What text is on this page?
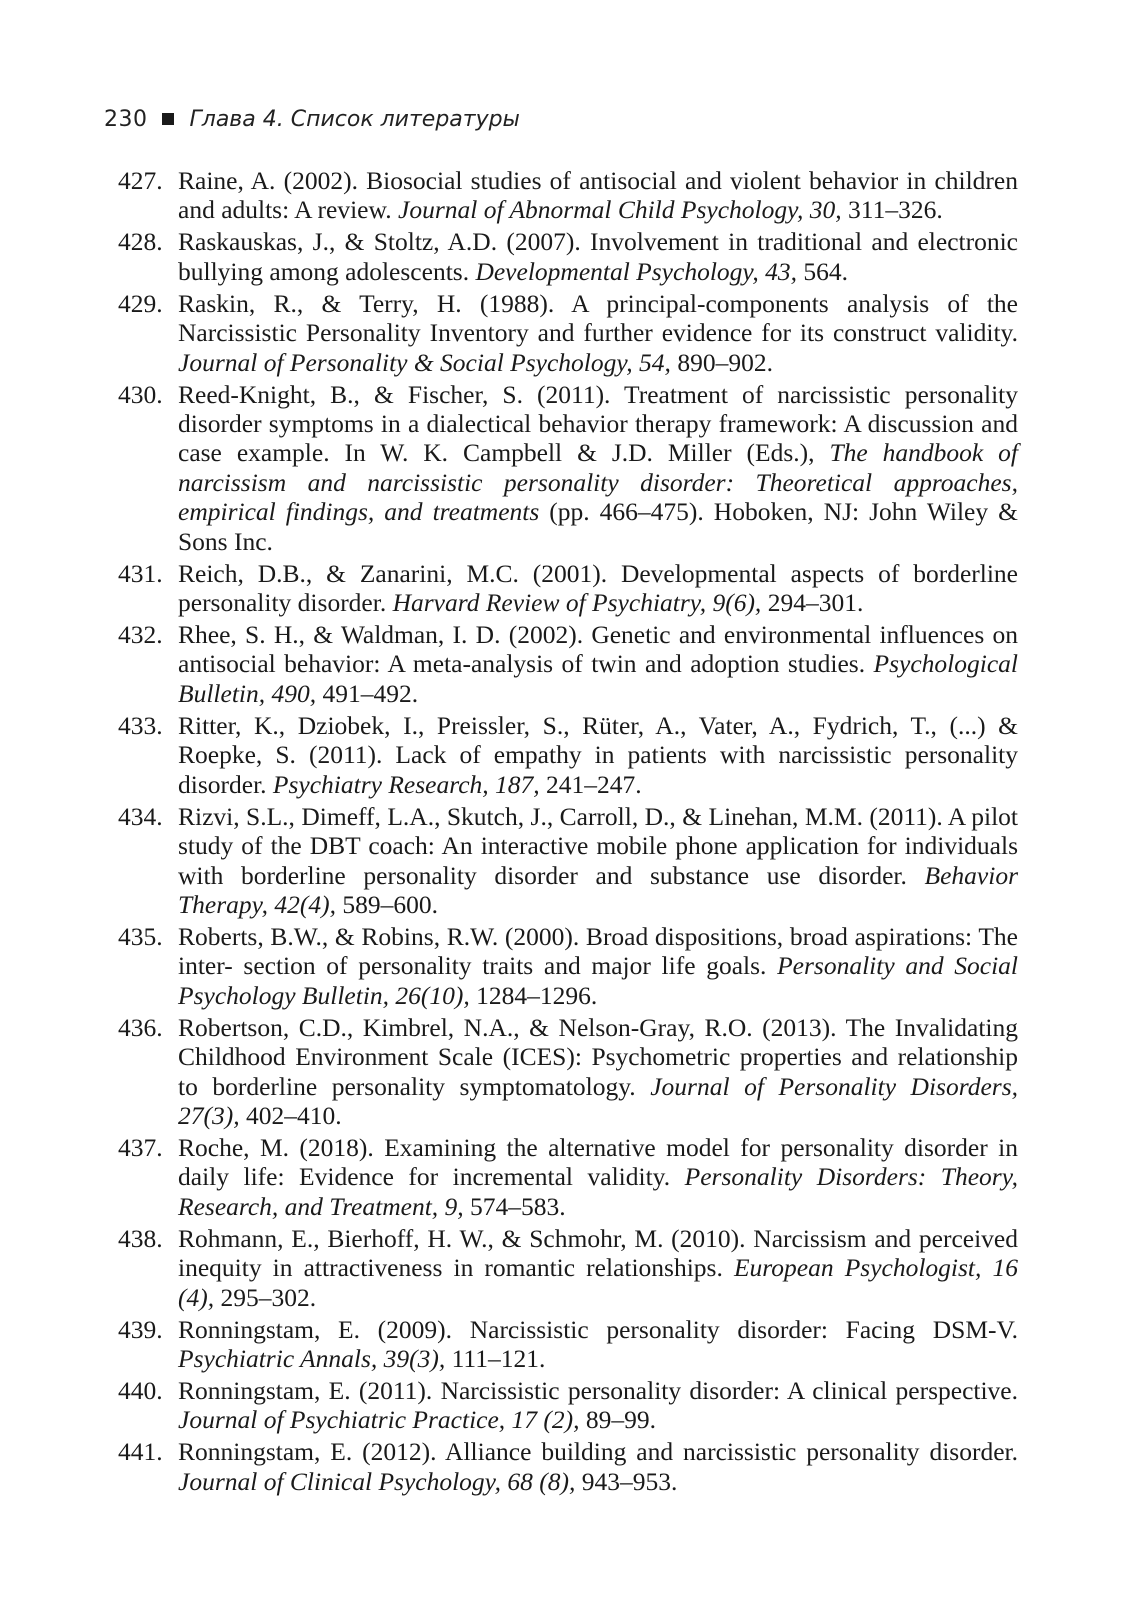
230 Глава 4. Список литературы
427. Raine, A. (2002). Biosocial studies of antisocial and violent behavior in children and adults: A review. Journal of Abnormal Child Psychology, 30, 311–326.
428. Raskauskas, J., & Stoltz, A.D. (2007). Involvement in traditional and electronic bullying among adolescents. Developmental Psychology, 43, 564.
429. Raskin, R., & Terry, H. (1988). A principal-components analysis of the Narcissistic Personality Inventory and further evidence for its construct validity. Journal of Personality & Social Psychology, 54, 890–902.
430. Reed-Knight, B., & Fischer, S. (2011). Treatment of narcissistic personality disorder symptoms in a dialectical behavior therapy framework: A discussion and case example. In W. K. Campbell & J.D. Miller (Eds.), The handbook of narcissism and narcissistic personality disorder: Theoretical approaches, empirical findings, and treatments (pp. 466–475). Hoboken, NJ: John Wiley & Sons Inc.
431. Reich, D.B., & Zanarini, M.C. (2001). Developmental aspects of borderline personality disorder. Harvard Review of Psychiatry, 9(6), 294–301.
432. Rhee, S. H., & Waldman, I. D. (2002). Genetic and environmental influences on antisocial behavior: A meta-analysis of twin and adoption studies. Psychological Bulletin, 490, 491–492.
433. Ritter, K., Dziobek, I., Preissler, S., Rüter, A., Vater, A., Fydrich, T., (...) & Roepke, S. (2011). Lack of empathy in patients with narcissistic personality disorder. Psychiatry Research, 187, 241–247.
434. Rizvi, S.L., Dimeff, L.A., Skutch, J., Carroll, D., & Linehan, M.M. (2011). A pilot study of the DBT coach: An interactive mobile phone application for individuals with borderline personality disorder and substance use disorder. Behavior Therapy, 42(4), 589–600.
435. Roberts, B.W., & Robins, R.W. (2000). Broad dispositions, broad aspirations: The inter- section of personality traits and major life goals. Personality and Social Psychology Bulletin, 26(10), 1284–1296.
436. Robertson, C.D., Kimbrel, N.A., & Nelson-Gray, R.O. (2013). The Invalidating Childhood Environment Scale (ICES): Psychometric properties and relationship to borderline personality symptomatology. Journal of Personality Disorders, 27(3), 402–410.
437. Roche, M. (2018). Examining the alternative model for personality disorder in daily life: Evidence for incremental validity. Personality Disorders: Theory, Research, and Treatment, 9, 574–583.
438. Rohmann, E., Bierhoff, H. W., & Schmohr, M. (2010). Narcissism and perceived inequity in attractiveness in romantic relationships. European Psychologist, 16 (4), 295–302.
439. Ronningstam, E. (2009). Narcissistic personality disorder: Facing DSM-V. Psychiatric Annals, 39(3), 111–121.
440. Ronningstam, E. (2011). Narcissistic personality disorder: A clinical perspective. Journal of Psychiatric Practice, 17 (2), 89–99.
441. Ronningstam, E. (2012). Alliance building and narcissistic personality disorder. Journal of Clinical Psychology, 68 (8), 943–953.
